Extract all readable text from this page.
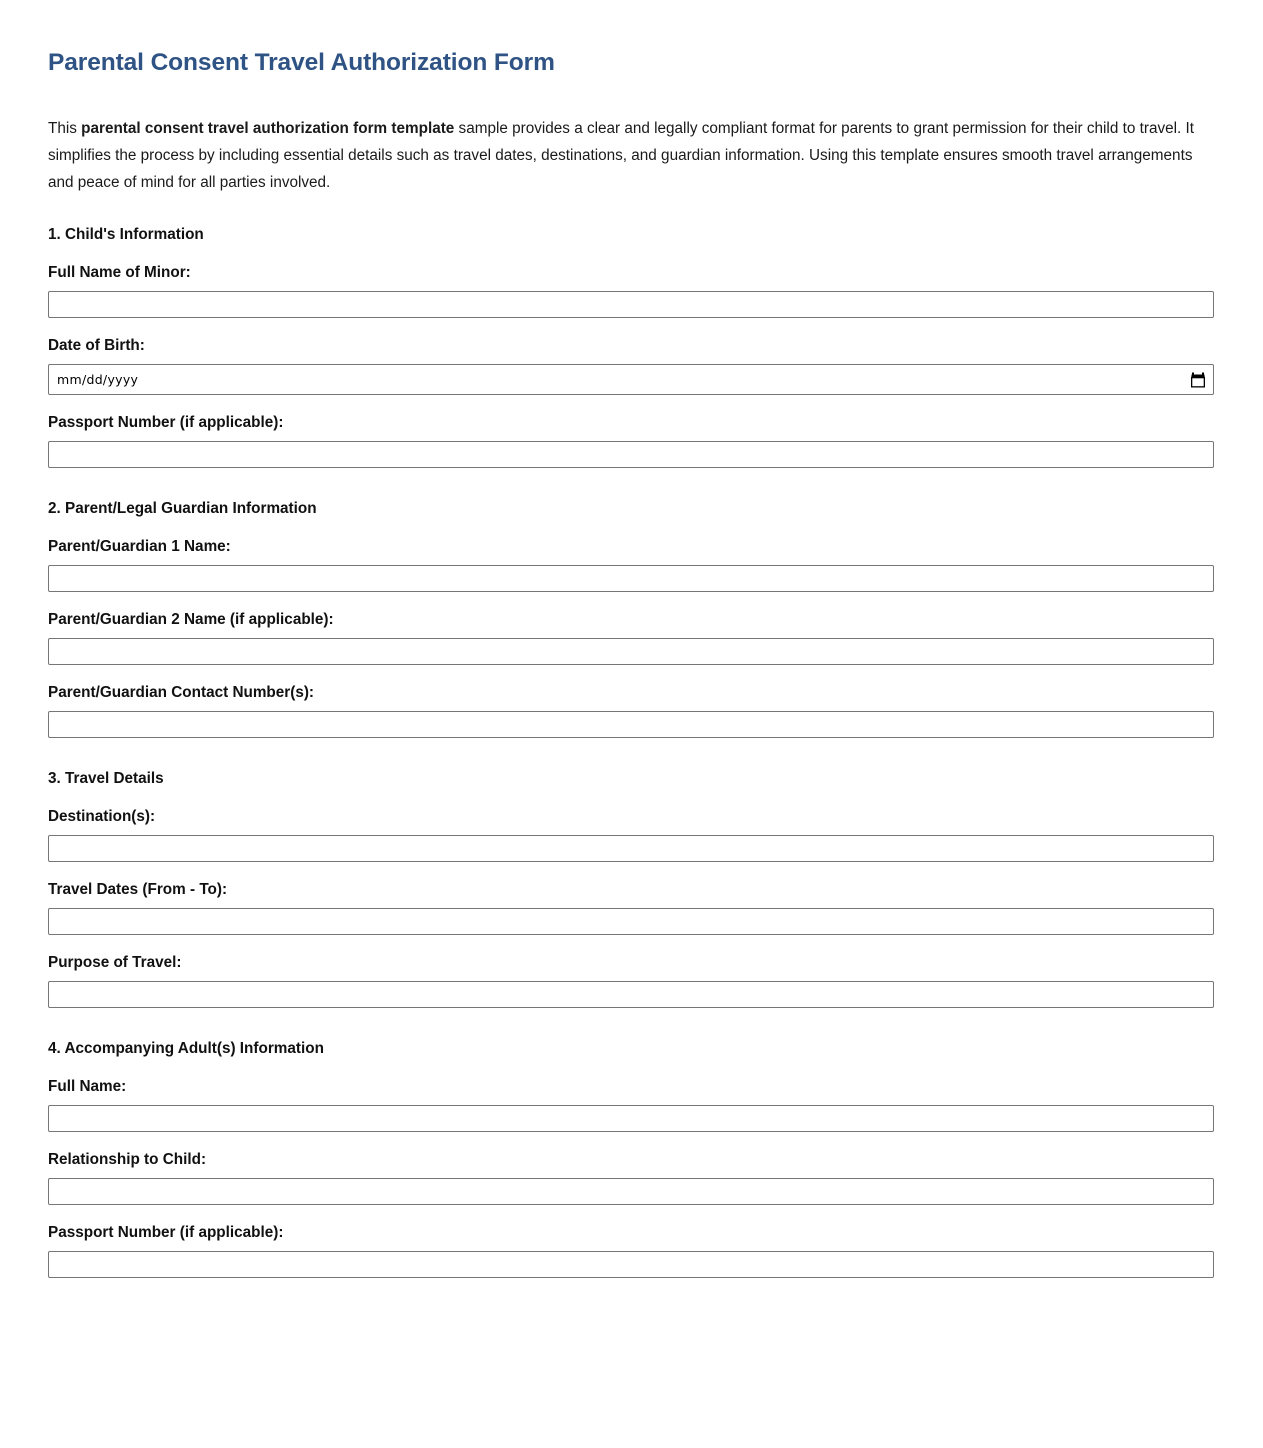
Parental Consent Travel Authorization Form

This parental consent travel authorization form template sample provides a clear and legally compliant format for parents to grant permission for their child to travel. It simplifies the process by including essential details such as travel dates, destinations, and guardian information. Using this template ensures smooth travel arrangements and peace of mind for all parties involved.

1. Child's Information
Full Name of Minor:
Date of Birth:
mm/dd/yyyy
Passport Number (if applicable):
2. Parent/Legal Guardian Information
Parent/Guardian 1 Name:
Parent/Guardian 2 Name (if applicable):
Parent/Guardian Contact Number(s):
3. Travel Details
Destination(s):
Travel Dates (From - To):
Purpose of Travel:
4. Accompanying Adult(s) Information
Full Name:
Relationship to Child:
Passport Number (if applicable):
